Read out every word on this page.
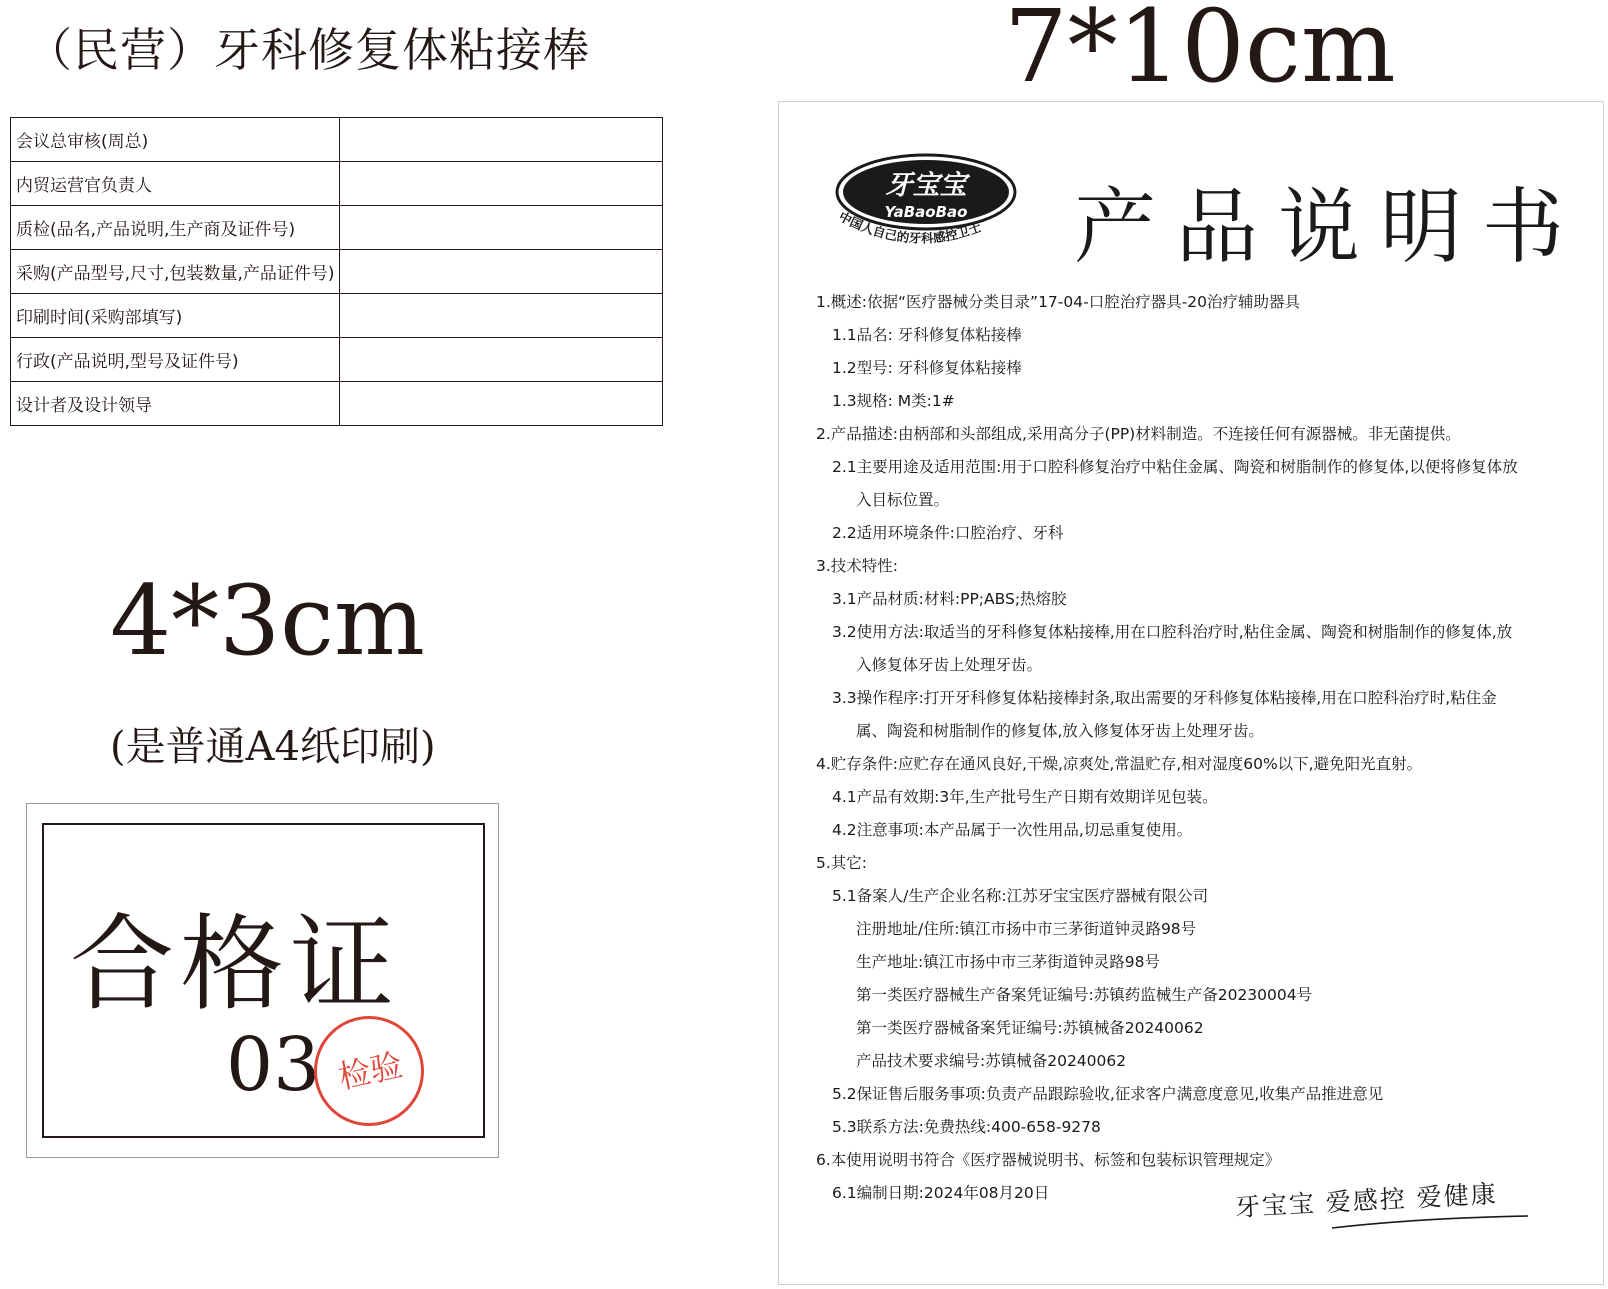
（民营）牙科修复体粘接棒
会议总审核(周总)	
内贸运营官负责人	
质检(品名,产品说明,生产商及证件号)	
采购(产品型号,尺寸,包装数量,产品证件号)	
印刷时间(采购部填写)	
行政(产品说明,型号及证件号)	
设计者及设计领导	
4*3cm
(是普通A4纸印刷)
合格证
03 检验
7*10cm
牙宝宝
YaBaoBao
中国人自己的牙科感控卫士 产品说明书
1.概述:依据“医疗器械分类目录”17-04-口腔治疗器具-20治疗辅助器具
1.1品名: 牙科修复体粘接棒
1.2型号: 牙科修复体粘接棒
1.3规格: M类:1#
2.产品描述:由柄部和头部组成,采用高分子(PP)材料制造。不连接任何有源器械。非无菌提供。
2.1主要用途及适用范围:用于口腔科修复治疗中粘住金属、陶瓷和树脂制作的修复体,以便将修复体放
入目标位置。
2.2适用环境条件:口腔治疗、牙科
3.技术特性:
3.1产品材质:材料:PP;ABS;热熔胶
3.2使用方法:取适当的牙科修复体粘接棒,用在口腔科治疗时,粘住金属、陶瓷和树脂制作的修复体,放
入修复体牙齿上处理牙齿。
3.3操作程序:打开牙科修复体粘接棒封条,取出需要的牙科修复体粘接棒,用在口腔科治疗时,粘住金
属、陶瓷和树脂制作的修复体,放入修复体牙齿上处理牙齿。
4.贮存条件:应贮存在通风良好,干燥,凉爽处,常温贮存,相对湿度60%以下,避免阳光直射。
4.1产品有效期:3年,生产批号生产日期有效期详见包装。
4.2注意事项:本产品属于一次性用品,切忌重复使用。
5.其它:
5.1备案人/生产企业名称:江苏牙宝宝医疗器械有限公司
注册地址/住所:镇江市扬中市三茅街道钟灵路98号
生产地址:镇江市扬中市三茅街道钟灵路98号
第一类医疗器械生产备案凭证编号:苏镇药监械生产备20230004号
第一类医疗器械备案凭证编号:苏镇械备20240062
产品技术要求编号:苏镇械备20240062
5.2保证售后服务事项:负责产品跟踪验收,征求客户满意度意见,收集产品推进意见
5.3联系方法:免费热线:400-658-9278
6.本使用说明书符合《医疗器械说明书、标签和包装标识管理规定》
6.1编制日期:2024年08月20日	牙宝宝 爱感控 爱健康
